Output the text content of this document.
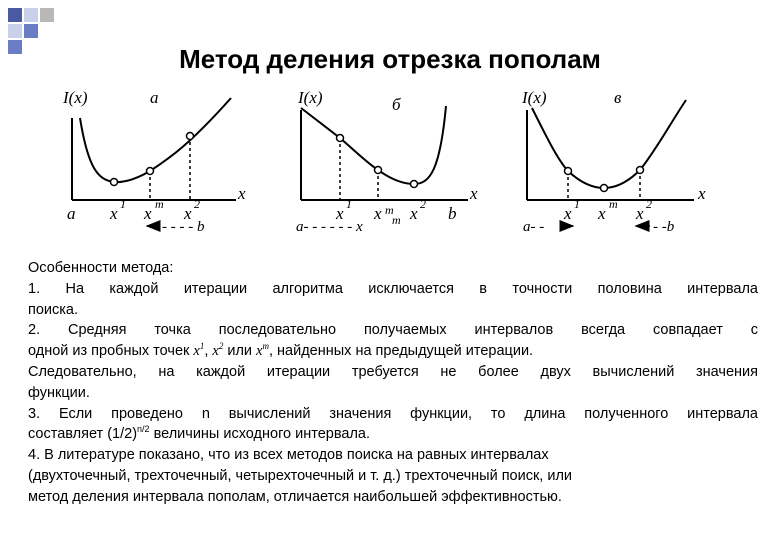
Метод деления отрезка пополам
I(x)	а
x
a x 1 x m x 2
- - - - b
I(x)	б
x
x 1 x m x 2 b
a- - - - - - x m
I(x)	в
x
x 1 x m x 2
a- -	- -b
Особенности метода:
1. На каждой итерации алгоритма исключается в точности половина интервала
поиска.
2. Средняя точка последовательно получаемых интервалов всегда совпадает с
одной из пробных точек $x^1$, $x^2$ или $x^m$, найденных на предыдущей итерации.
Следовательно, на каждой итерации требуется не более двух вычислений значения
функции.
3. Если проведено n вычислений значения функции, то длина полученного интервала
составляет $(1/2)^{n/2}$ величины исходного интервала.
4. В литературе показано, что из всех методов поиска на равных интервалах
(двухточечный, трехточечный, четырехточечный и т. д.) трехточечный поиск, или
метод деления интервала пополам, отличается наибольшей эффективностью.
